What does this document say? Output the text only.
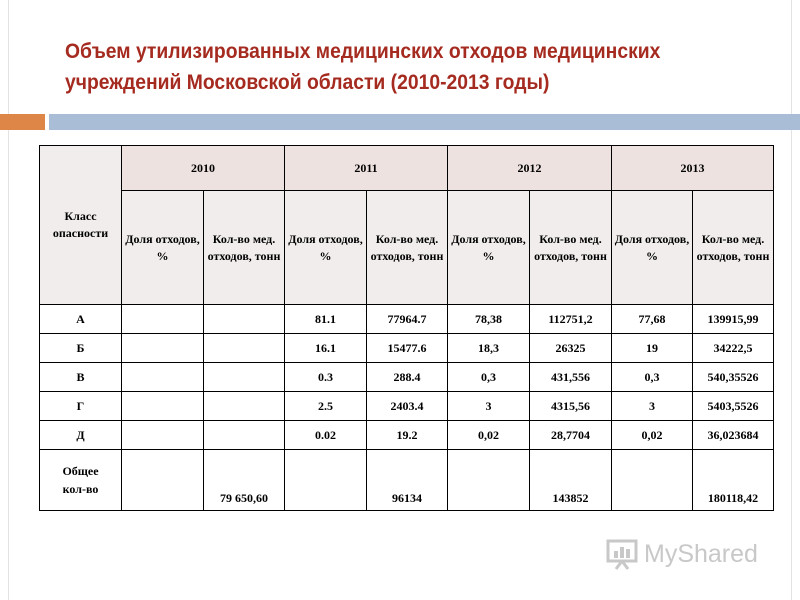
Объем утилизированных медицинских отходов медицинских
учреждений Московской области (2010-2013 годы)
Класс опасности	2010		2011		2012		2013	
	Доля отходов, %	Кол-во мед. отходов, тонн	Доля отходов, %	Кол-во мед. отходов, тонн	Доля отходов, %	Кол-во мед. отходов, тонн	Доля отходов, %	Кол-во мед. отходов, тонн
А			81.1	77964.7	78,38	112751,2	77,68	139915,99
Б			16.1	15477.6	18,3	26325	19	34222,5
В			0.3	288.4	0,3	431,556	0,3	540,35526
Г			2.5	2403.4	3	4315,56	3	5403,5526
Д			0.02	19.2	0,02	28,7704	0,02	36,023684
Общее кол-во		79 650,60		96134		143852		180118,42
MyShared
